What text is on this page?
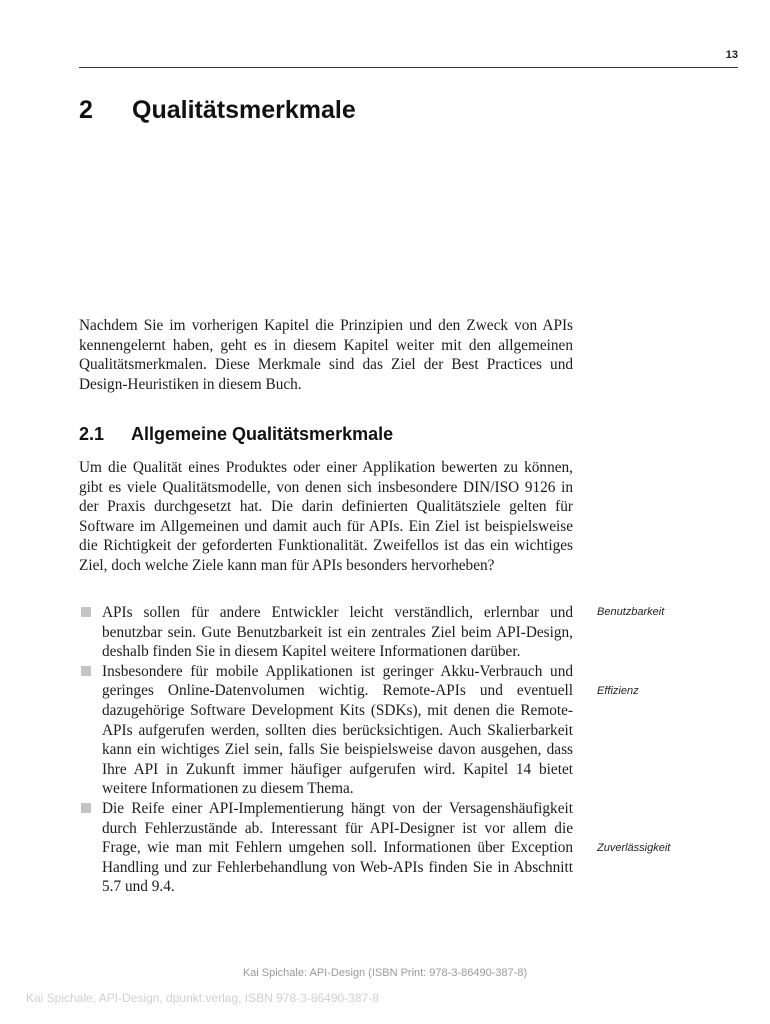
13
2 Qualitätsmerkmale

Nachdem Sie im vorherigen Kapitel die Prinzipien und den Zweck von APIs kennengelernt haben, geht es in diesem Kapitel weiter mit den allgemeinen Qualitätsmerkmalen. Diese Merkmale sind das Ziel der Best Practices und Design-Heuristiken in diesem Buch.

2.1 Allgemeine Qualitätsmerkmale

Um die Qualität eines Produktes oder einer Applikation bewerten zu können, gibt es viele Qualitätsmodelle, von denen sich insbesondere DIN/ISO 9126 in der Praxis durchgesetzt hat. Die darin definierten Qualitätsziele gelten für Software im Allgemeinen und damit auch für APIs. Ein Ziel ist beispielsweise die Richtigkeit der geforderten Funktionalität. Zweifellos ist das ein wichtiges Ziel, doch welche Ziele kann man für APIs besonders hervorheben?

APIs sollen für andere Entwickler leicht verständlich, erlernbar und benutzbar sein. Gute Benutzbarkeit ist ein zentrales Ziel beim API-Design, deshalb finden Sie in diesem Kapitel weitere Informationen darüber.
Insbesondere für mobile Applikationen ist geringer Akku-Verbrauch und geringes Online-Datenvolumen wichtig. Remote-APIs und eventuell dazugehörige Software Development Kits (SDKs), mit denen die Remote-APIs aufgerufen werden, sollten dies berücksichtigen. Auch Skalierbarkeit kann ein wichtiges Ziel sein, falls Sie beispielsweise davon ausgehen, dass Ihre API in Zukunft immer häufiger aufgerufen wird. Kapitel 14 bietet weitere Informationen zu diesem Thema.
Die Reife einer API-Implementierung hängt von der Versagenshäufigkeit durch Fehlerzustände ab. Interessant für API-Designer ist vor allem die Frage, wie man mit Fehlern umgehen soll. Informationen über Exception Handling und zur Fehlerbehandlung von Web-APIs finden Sie in Abschnitt 5.7 und 9.4.
Benutzbarkeit
Effizienz
Zuverlässigkeit
Kai Spichale: API-Design (ISBN Print: 978-3-86490-387-8)
Kai Spichale, API-Design, dpunkt.verlag, ISBN 978-3-86490-387-8
